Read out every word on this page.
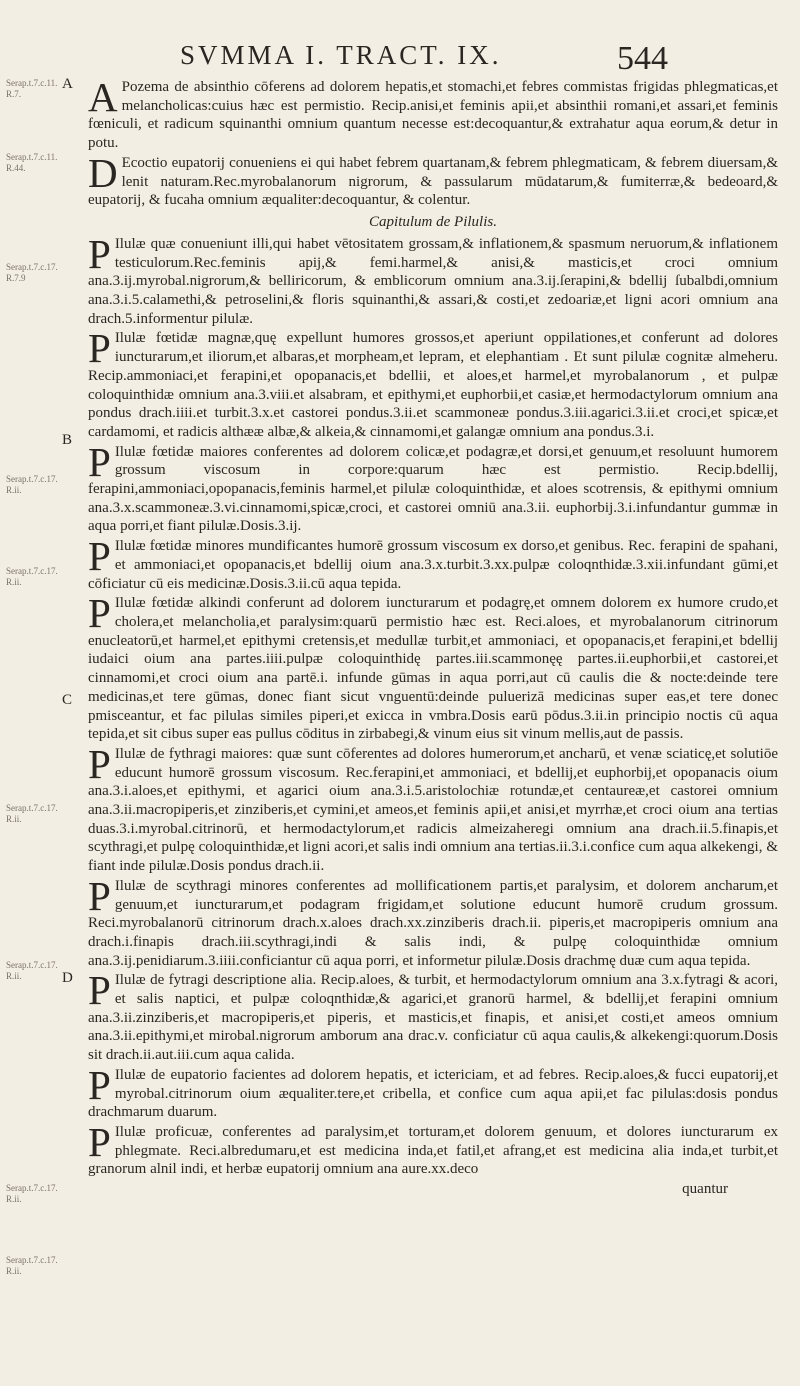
SVMMA I. TRACT. IX.	544
Serap.t.7.c.11.
R.7.
Serap.t.7.c.11.
R.44.
Serap.t.7.c.17.
R.7.9
Serap.t.7.c.17.
R.ii.
Serap.t.7.c.17.
R.ii.
Serap.t.7.c.17.
R.ii.
Serap.t.7.c.17.
R.ii.
Serap.t.7.c.17.
R.ii.
Serap.t.7.c.17.
R.ii.
A
B
C
D

A Pozema de absinthio cōferens ad dolorem hepatis,et stomachi,et febres commistas frigidas phlegmaticas,et melancholicas:cuius hæc est permistio. Recip.anisi,et feminis apii,et absinthii romani,et assari,et feminis fœniculi, et radicum squinanthi omnium quantum necesse est:decoquantur,& extrahatur aqua eorum,& detur in potu.

D Ecoctio eupatorij conueniens ei qui habet febrem quartanam,& febrem phlegmaticam, & febrem diuersam,& lenit naturam.Rec.myrobalanorum nigrorum, & passularum mūdatarum,& fumiterræ,& bedeoard,& eupatorij, & fucaha omnium æqualiter:decoquantur, & colentur.

Capitulum de Pilulis.

P Ilulæ quæ conueniunt illi,qui habet vētositatem grossam,& inflationem,& spasmum neruorum,& inflationem testiculorum.Rec.feminis apij,& femi.harmel,& anisi,& masticis,et croci omnium ana.3.ij.myrobal.nigrorum,& belliricorum, & emblicorum omnium ana.3.ij.ſerapini,& bdellij ſubalbdi,omnium ana.3.i.5.calamethi,& petroselini,& floris squinanthi,& assari,& costi,et zedoariæ,et ligni acori omnium ana drach.5.informentur pilulæ.

P Ilulæ fœtidæ magnæ,quę expellunt humores grossos,et aperiunt oppilationes,et conferunt ad dolores iuncturarum,et iliorum,et albaras,et morpheam,et lepram, et elephantiam . Et sunt pilulæ cognitæ almeheru. Recip.ammoniaci,et ferapini,et opopanacis,et bdellii, et aloes,et harmel,et myrobalanorum , et pulpæ coloquinthidæ omnium ana.3.viii.et alsabram, et epithymi,et euphorbii,et casiæ,et hermodactylorum omnium ana pondus drach.iiii.et turbit.3.x.et castorei pondus.3.ii.et scammoneæ pondus.3.iii.agarici.3.ii.et croci,et spicæ,et cardamomi, et radicis althææ albæ,& alkeia,& cinnamomi,et galangæ omnium ana pondus.3.i.

P Ilulæ fœtidæ maiores conferentes ad dolorem colicæ,et podagræ,et dorsi,et genuum,et resoluunt humorem grossum viscosum in corpore:quarum hæc est permistio. Recip.bdellij, ferapini,ammoniaci,opopanacis,feminis harmel,et pilulæ coloquinthidæ, et aloes scotrensis, & epithymi omnium ana.3.x.scammoneæ.3.vi.cinnamomi,spicæ,croci, et castorei omniū ana.3.ii. euphorbij.3.i.infundantur gummæ in aqua porri,et fiant pilulæ.Dosis.3.ij.

P Ilulæ fœtidæ minores mundificantes humorē grossum viscosum ex dorso,et genibus. Rec. ferapini de spahani, et ammoniaci,et opopanacis,et bdellij oium ana.3.x.turbit.3.xx.pulpæ coloqnthidæ.3.xii.infundant gūmi,et cōficiatur cū eis medicinæ.Dosis.3.ii.cū aqua tepida.

P Ilulæ fœtidæ alkindi conferunt ad dolorem iuncturarum et podagrę,et omnem dolorem ex humore crudo,et cholera,et melancholia,et paralysim:quarū permistio hæc est. Reci.aloes, et myrobalanorum citrinorum enucleatorū,et harmel,et epithymi cretensis,et medullæ turbit,et ammoniaci, et opopanacis,et ferapini,et bdellij iudaici oium ana partes.iiii.pulpæ coloquinthidę partes.iii.scammonęę partes.ii.euphorbii,et castorei,et cinnamomi,et croci oium ana partē.i. infunde gūmas in aqua porri,aut cū caulis die & nocte:deinde tere medicinas,et tere gūmas, donec fiant sicut vnguentū:deinde puluerizā medicinas super eas,et tere donec pmisceantur, et fac pilulas similes piperi,et exicca in vmbra.Dosis earū pōdus.3.ii.in principio noctis cū aqua tepida,et sit cibus super eas pullus cōditus in zirbabegi,& vinum eius sit vinum mellis,aut de passis.

P Ilulæ de fythragi maiores: quæ sunt cōferentes ad dolores humerorum,et ancharū, et venæ sciaticę,et solutiōe educunt humorē grossum viscosum. Rec.ferapini,et ammoniaci, et bdellij,et euphorbij,et opopanacis oium ana.3.i.aloes,et epithymi, et agarici oium ana.3.i.5.aristolochiæ rotundæ,et centaureæ,et castorei omnium ana.3.ii.macropiperis,et zinziberis,et cymini,et ameos,et feminis apii,et anisi,et myrrhæ,et croci oium ana tertias duas.3.i.myrobal.citrinorū, et hermodactylorum,et radicis almeizaheregi omnium ana drach.ii.5.finapis,et scythragi,et pulpę coloquinthidæ,et ligni acori,et salis indi omnium ana tertias.ii.3.i.confice cum aqua alkekengi, & fiant inde pilulæ.Dosis pondus drach.ii.

P Ilulæ de scythragi minores conferentes ad mollificationem partis,et paralysim, et dolorem ancharum,et genuum,et iuncturarum,et podagram frigidam,et solutione educunt humorē crudum grossum. Reci.myrobalanorū citrinorum drach.x.aloes drach.xx.zinziberis drach.ii. piperis,et macropiperis omnium ana drach.i.finapis drach.iii.scythragi,indi & salis indi, & pulpę coloquinthidæ omnium ana.3.ij.penidiarum.3.iiii.conficiantur cū aqua porri, et informetur pilulæ.Dosis drachmę duæ cum aqua tepida.

P Ilulæ de fytragi descriptione alia. Recip.aloes, & turbit, et hermodactylorum omnium ana 3.x.fytragi & acori, et salis naptici, et pulpæ coloqnthidæ,& agarici,et granorū harmel, & bdellij,et ferapini omnium ana.3.ii.zinziberis,et macropiperis,et piperis, et masticis,et finapis, et anisi,et costi,et ameos omnium ana.3.ii.epithymi,et mirobal.nigrorum amborum ana drac.v. conficiatur cū aqua caulis,& alkekengi:quorum.Dosis sit drach.ii.aut.iii.cum aqua calida.

P Ilulæ de eupatorio facientes ad dolorem hepatis, et ictericiam, et ad febres. Recip.aloes,& fucci eupatorij,et myrobal.citrinorum oium æqualiter.tere,et cribella, et confice cum aqua apii,et fac pilulas:dosis pondus drachmarum duarum.

P Ilulæ proficuæ, conferentes ad paralysim,et torturam,et dolorem genuum, et dolores iuncturarum ex phlegmate. Reci.albredumaru,et est medicina inda,et fatil,et afrang,et est medicina alia inda,et turbit,et granorum alnil indi, et herbæ eupatorij omnium ana aure.xx.deco

quantur
